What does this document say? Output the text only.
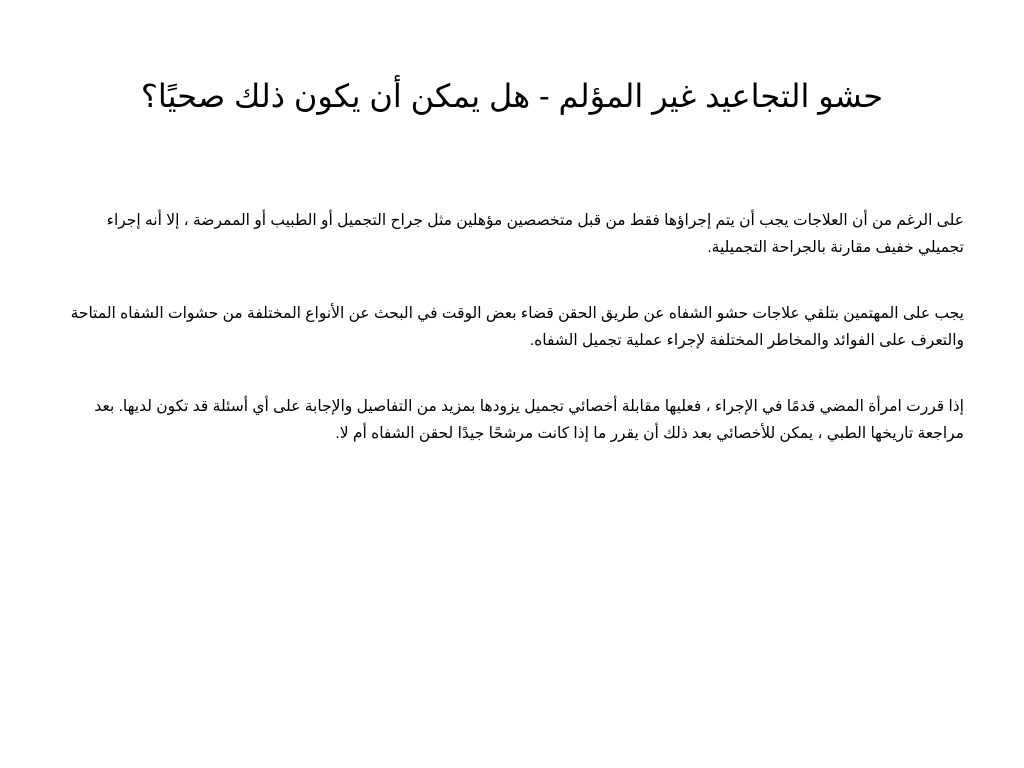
حشو التجاعيد غير المؤلم - هل يمكن أن يكون ذلك صحيًا؟

على الرغم من أن العلاجات يجب أن يتم إجراؤها فقط من قبل متخصصين مؤهلين مثل جراح التجميل أو الطبيب أو الممرضة ، إلا أنه إجراء تجميلي خفيف مقارنة بالجراحة التجميلية.

يجب على المهتمين بتلقي علاجات حشو الشفاه عن طريق الحقن قضاء بعض الوقت في البحث عن الأنواع المختلفة من حشوات الشفاه المتاحة والتعرف على الفوائد والمخاطر المختلفة لإجراء عملية تجميل الشفاه.

إذا قررت امرأة المضي قدمًا في الإجراء ، فعليها مقابلة أخصائي تجميل يزودها بمزيد من التفاصيل والإجابة على أي أسئلة قد تكون لديها. بعد مراجعة تاريخها الطبي ، يمكن للأخصائي بعد ذلك أن يقرر ما إذا كانت مرشحًا جيدًا لحقن الشفاه أم لا.
